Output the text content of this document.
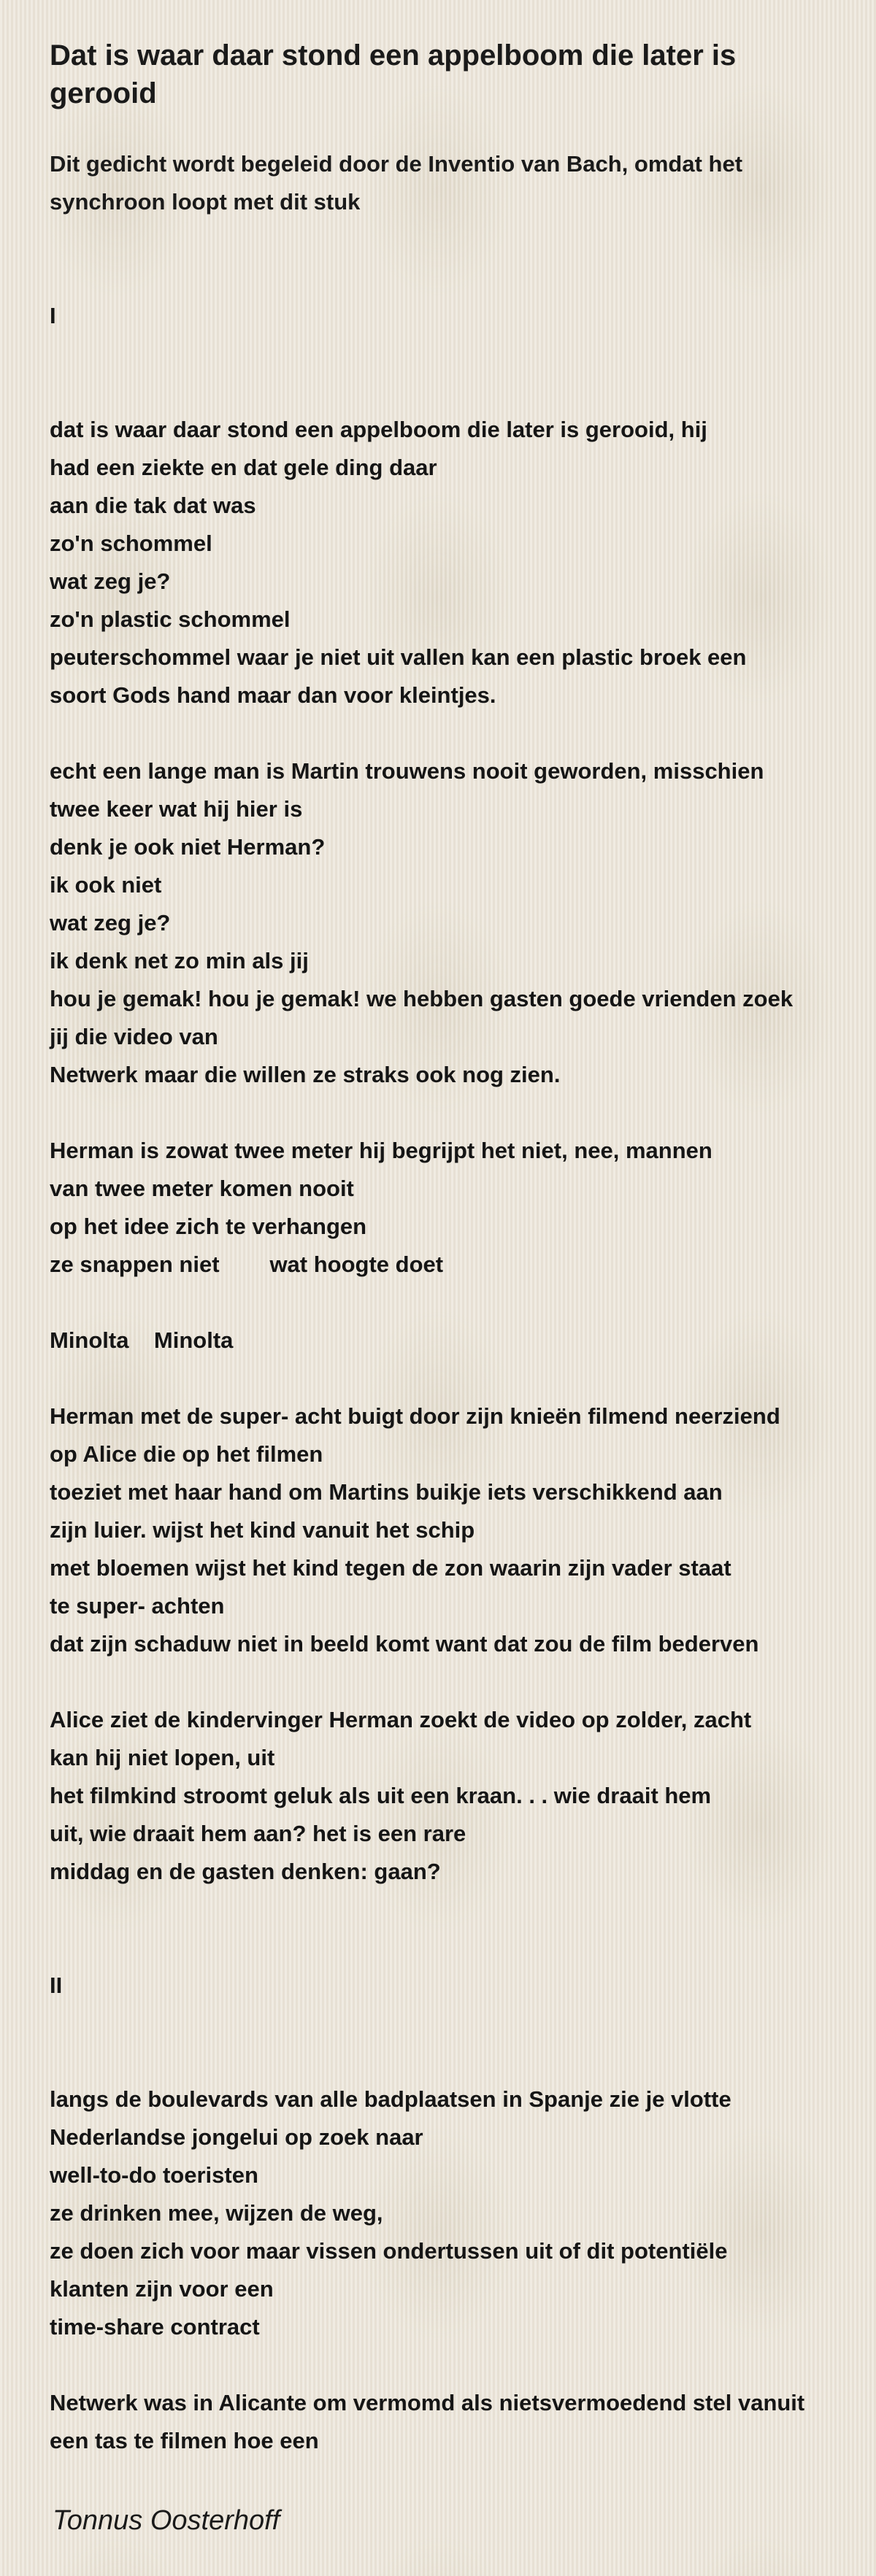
Dat is waar daar stond een appelboom die later is gerooid

Dit gedicht wordt begeleid door de Inventio van Bach, omdat het synchroon loopt met dit stuk

I
dat is waar daar stond een appelboom die later is gerooid, hij
had een ziekte en dat gele ding daar
aan die tak dat was
zo'n schommel
wat zeg je?
zo'n plastic schommel
peuterschommel waar je niet uit vallen kan een plastic broek een
soort Gods hand maar dan voor kleintjes.
echt een lange man is Martin trouwens nooit geworden, misschien
twee keer wat hij hier is
denk je ook niet Herman?
ik ook niet
wat zeg je?
ik denk net zo min als jij
hou je gemak! hou je gemak! we hebben gasten goede vrienden zoek
jij die video van
Netwerk maar die willen ze straks ook nog zien.
Herman is zowat twee meter hij begrijpt het niet, nee, mannen
van twee meter komen nooit
op het idee zich te verhangen
ze snappen niet        wat hoogte doet
Minolta    Minolta
Herman met de super- acht buigt door zijn knieën filmend neerziend
op Alice die op het filmen
toeziet met haar hand om Martins buikje iets verschikkend aan
zijn luier. wijst het kind vanuit het schip
met bloemen wijst het kind tegen de zon waarin zijn vader staat
te super- achten
dat zijn schaduw niet in beeld komt want dat zou de film bederven
Alice ziet de kindervinger Herman zoekt de video op zolder, zacht
kan hij niet lopen, uit
het filmkind stroomt geluk als uit een kraan. . . wie draait hem
uit, wie draait hem aan? het is een rare
middag en de gasten denken: gaan?
II
langs de boulevards van alle badplaatsen in Spanje zie je vlotte
Nederlandse jongelui op zoek naar
well-to-do toeristen
ze drinken mee, wijzen de weg,
ze doen zich voor maar vissen ondertussen uit of dit potentiële
klanten zijn voor een
time-share contract
Netwerk was in Alicante om vermomd als nietsvermoedend stel vanuit
een tas te filmen hoe een

Tonnus Oosterhoff
